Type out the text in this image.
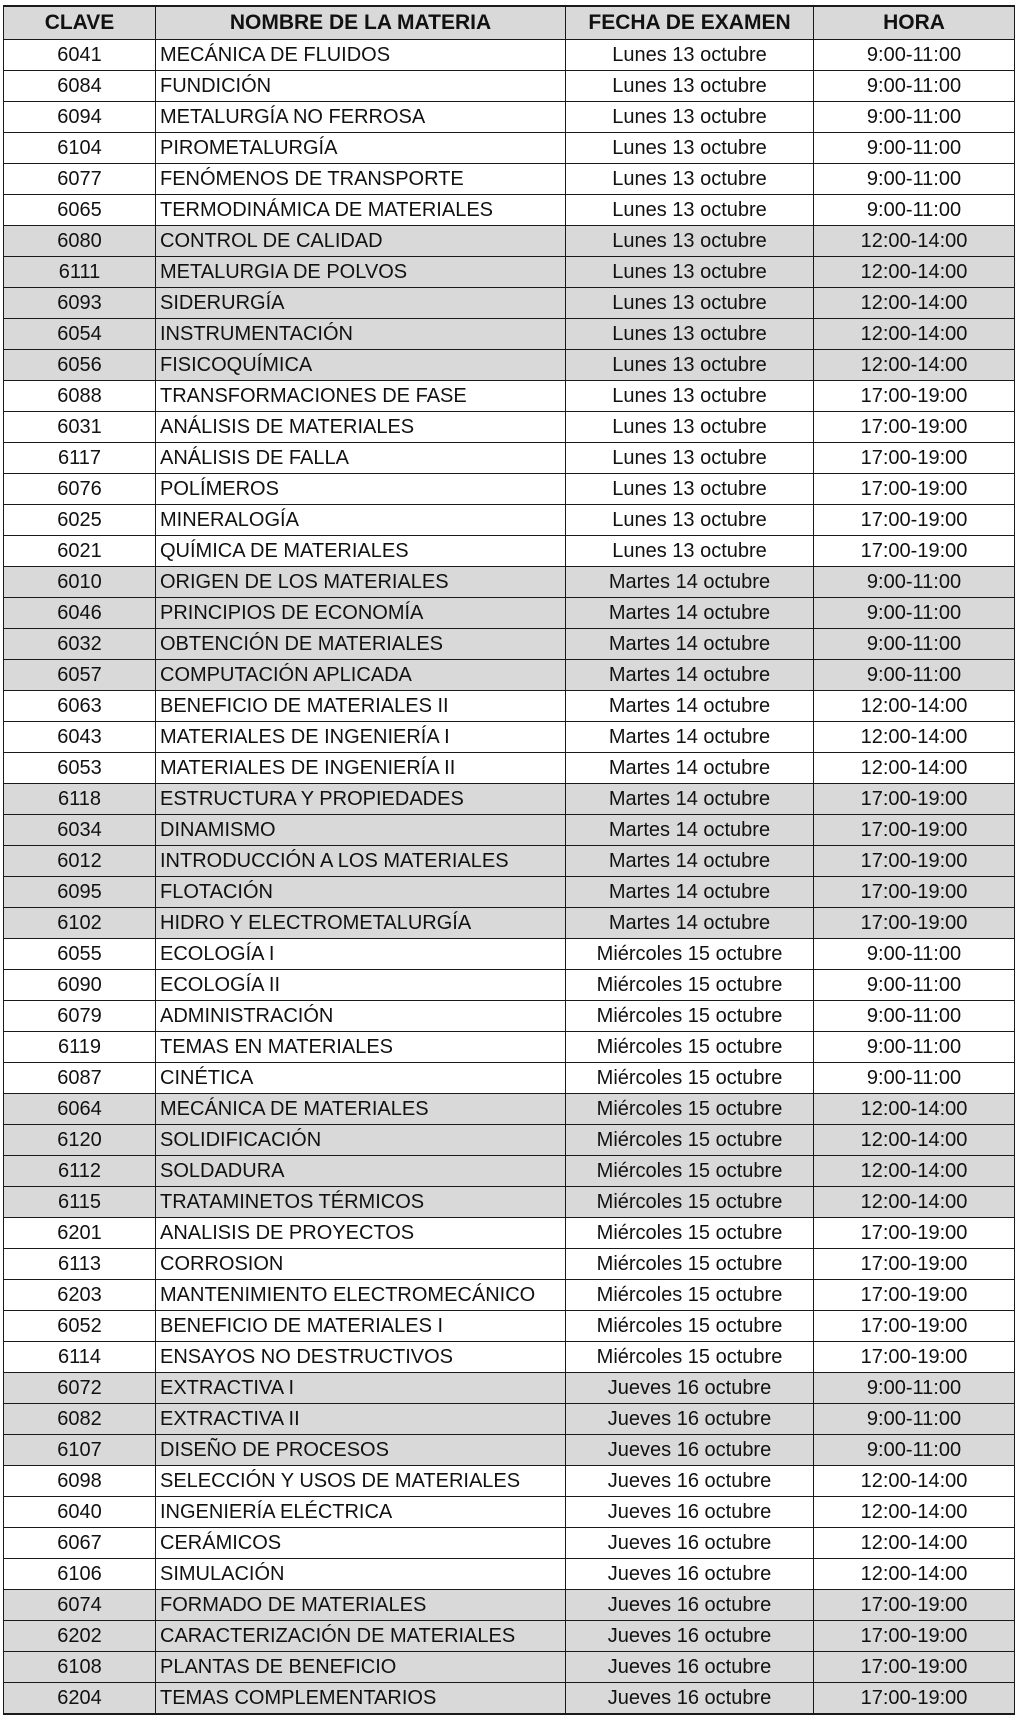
CLAVE	NOMBRE DE LA MATERIA	FECHA DE EXAMEN	HORA
6041	MECÁNICA DE FLUIDOS	Lunes 13 octubre	9:00-11:00
6084	FUNDICIÓN	Lunes 13 octubre	9:00-11:00
6094	METALURGÍA NO FERROSA	Lunes 13 octubre	9:00-11:00
6104	PIROMETALURGÍA	Lunes 13 octubre	9:00-11:00
6077	FENÓMENOS DE TRANSPORTE	Lunes 13 octubre	9:00-11:00
6065	TERMODINÁMICA DE MATERIALES	Lunes 13 octubre	9:00-11:00
6080	CONTROL DE CALIDAD	Lunes 13 octubre	12:00-14:00
6111	METALURGIA DE POLVOS	Lunes 13 octubre	12:00-14:00
6093	SIDERURGÍA	Lunes 13 octubre	12:00-14:00
6054	INSTRUMENTACIÓN	Lunes 13 octubre	12:00-14:00
6056	FISICOQUÍMICA	Lunes 13 octubre	12:00-14:00
6088	TRANSFORMACIONES DE FASE	Lunes 13 octubre	17:00-19:00
6031	ANÁLISIS DE MATERIALES	Lunes 13 octubre	17:00-19:00
6117	ANÁLISIS DE FALLA	Lunes 13 octubre	17:00-19:00
6076	POLÍMEROS	Lunes 13 octubre	17:00-19:00
6025	MINERALOGÍA	Lunes 13 octubre	17:00-19:00
6021	QUÍMICA DE MATERIALES	Lunes 13 octubre	17:00-19:00
6010	ORIGEN DE LOS MATERIALES	Martes 14 octubre	9:00-11:00
6046	PRINCIPIOS DE ECONOMÍA	Martes 14 octubre	9:00-11:00
6032	OBTENCIÓN DE MATERIALES	Martes 14 octubre	9:00-11:00
6057	COMPUTACIÓN APLICADA	Martes 14 octubre	9:00-11:00
6063	BENEFICIO DE MATERIALES II	Martes 14 octubre	12:00-14:00
6043	MATERIALES DE INGENIERÍA I	Martes 14 octubre	12:00-14:00
6053	MATERIALES DE INGENIERÍA II	Martes 14 octubre	12:00-14:00
6118	ESTRUCTURA Y PROPIEDADES	Martes 14 octubre	17:00-19:00
6034	DINAMISMO	Martes 14 octubre	17:00-19:00
6012	INTRODUCCIÓN A LOS MATERIALES	Martes 14 octubre	17:00-19:00
6095	FLOTACIÓN	Martes 14 octubre	17:00-19:00
6102	HIDRO Y ELECTROMETALURGÍA	Martes 14 octubre	17:00-19:00
6055	ECOLOGÍA I	Miércoles 15 octubre	9:00-11:00
6090	ECOLOGÍA II	Miércoles 15 octubre	9:00-11:00
6079	ADMINISTRACIÓN	Miércoles 15 octubre	9:00-11:00
6119	TEMAS EN MATERIALES	Miércoles 15 octubre	9:00-11:00
6087	CINÉTICA	Miércoles 15 octubre	9:00-11:00
6064	MECÁNICA DE MATERIALES	Miércoles 15 octubre	12:00-14:00
6120	SOLIDIFICACIÓN	Miércoles 15 octubre	12:00-14:00
6112	SOLDADURA	Miércoles 15 octubre	12:00-14:00
6115	TRATAMINETOS TÉRMICOS	Miércoles 15 octubre	12:00-14:00
6201	ANALISIS DE PROYECTOS	Miércoles 15 octubre	17:00-19:00
6113	CORROSION	Miércoles 15 octubre	17:00-19:00
6203	MANTENIMIENTO ELECTROMECÁNICO	Miércoles 15 octubre	17:00-19:00
6052	BENEFICIO DE MATERIALES I	Miércoles 15 octubre	17:00-19:00
6114	ENSAYOS NO DESTRUCTIVOS	Miércoles 15 octubre	17:00-19:00
6072	EXTRACTIVA I	Jueves 16 octubre	9:00-11:00
6082	EXTRACTIVA II	Jueves 16 octubre	9:00-11:00
6107	DISEÑO DE PROCESOS	Jueves 16 octubre	9:00-11:00
6098	SELECCIÓN Y USOS DE MATERIALES	Jueves 16 octubre	12:00-14:00
6040	INGENIERÍA ELÉCTRICA	Jueves 16 octubre	12:00-14:00
6067	CERÁMICOS	Jueves 16 octubre	12:00-14:00
6106	SIMULACIÓN	Jueves 16 octubre	12:00-14:00
6074	FORMADO DE MATERIALES	Jueves 16 octubre	17:00-19:00
6202	CARACTERIZACIÓN DE MATERIALES	Jueves 16 octubre	17:00-19:00
6108	PLANTAS DE BENEFICIO	Jueves 16 octubre	17:00-19:00
6204	TEMAS COMPLEMENTARIOS	Jueves 16 octubre	17:00-19:00
